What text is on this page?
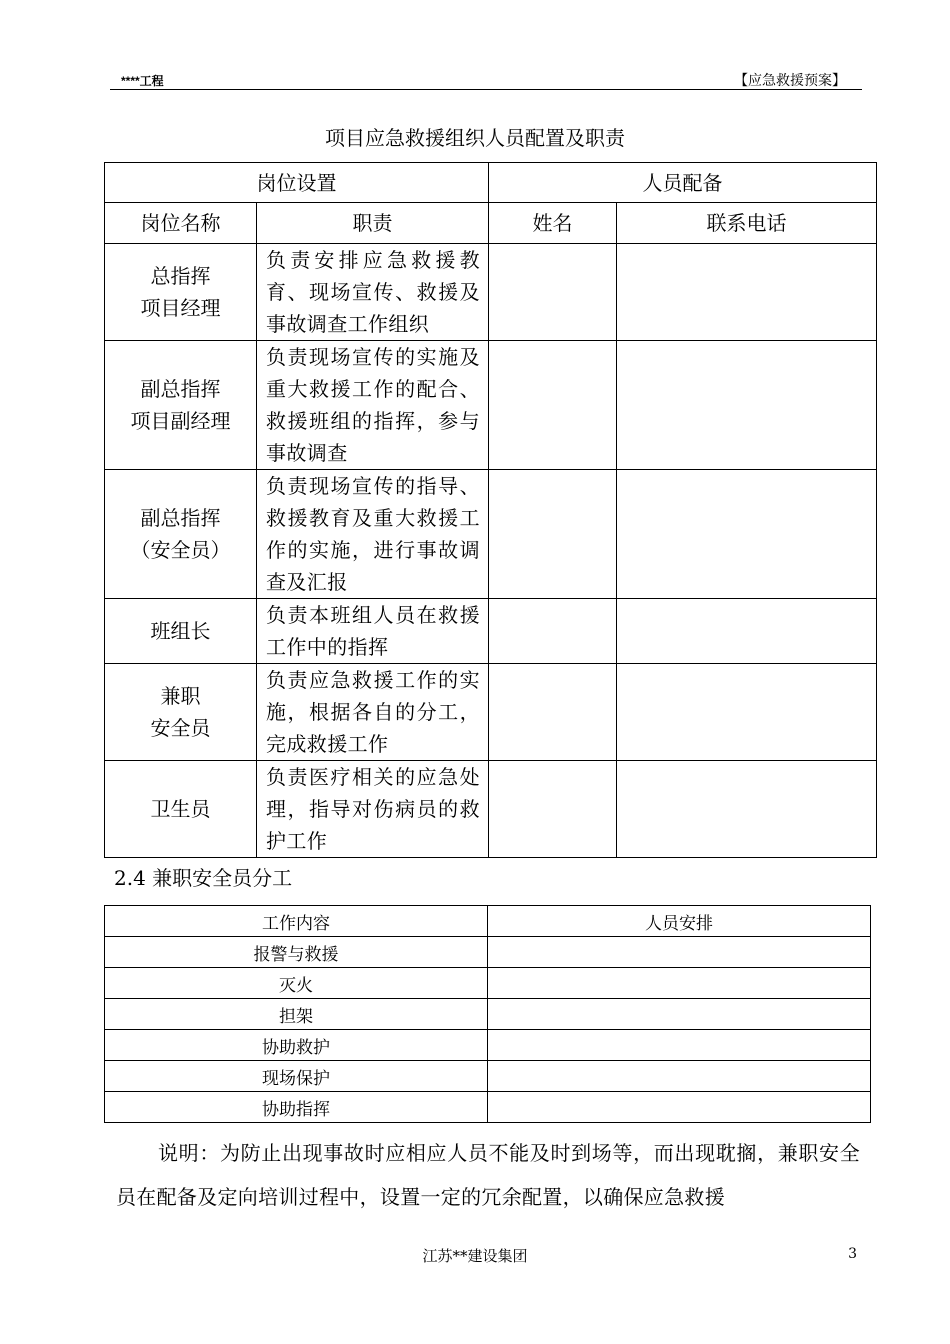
****工程	【应急救援预案】
项目应急救援组织人员配置及职责
岗位设置		人员配备	
岗位名称	职责	姓名	联系电话

总指挥
项目经理	负责安排应急救援教育、现场宣传、救援及事故调查工作组织		

副总指挥
项目副经理	负责现场宣传的实施及重大救援工作的配合、救援班组的指挥，参与事故调查		

副总指挥
（安全员）	负责现场宣传的指导、救援教育及重大救援工作的实施，进行事故调查及汇报		

班组长	负责本班组人员在救援工作中的指挥		

兼职
安全员	负责应急救援工作的实施，根据各自的分工，完成救援工作		

卫生员	负责医疗相关的应急处理，指导对伤病员的救护工作		
2.4 兼职安全员分工
工作内容	人员安排
报警与救援	
灭火	
担架	
协助救护	
现场保护	
协助指挥	
说明：为防止出现事故时应相应人员不能及时到场等，而出现耽搁，兼职安全员在配备及定向培训过程中，设置一定的冗余配置，以确保应急救援
江苏**建设集团	3
